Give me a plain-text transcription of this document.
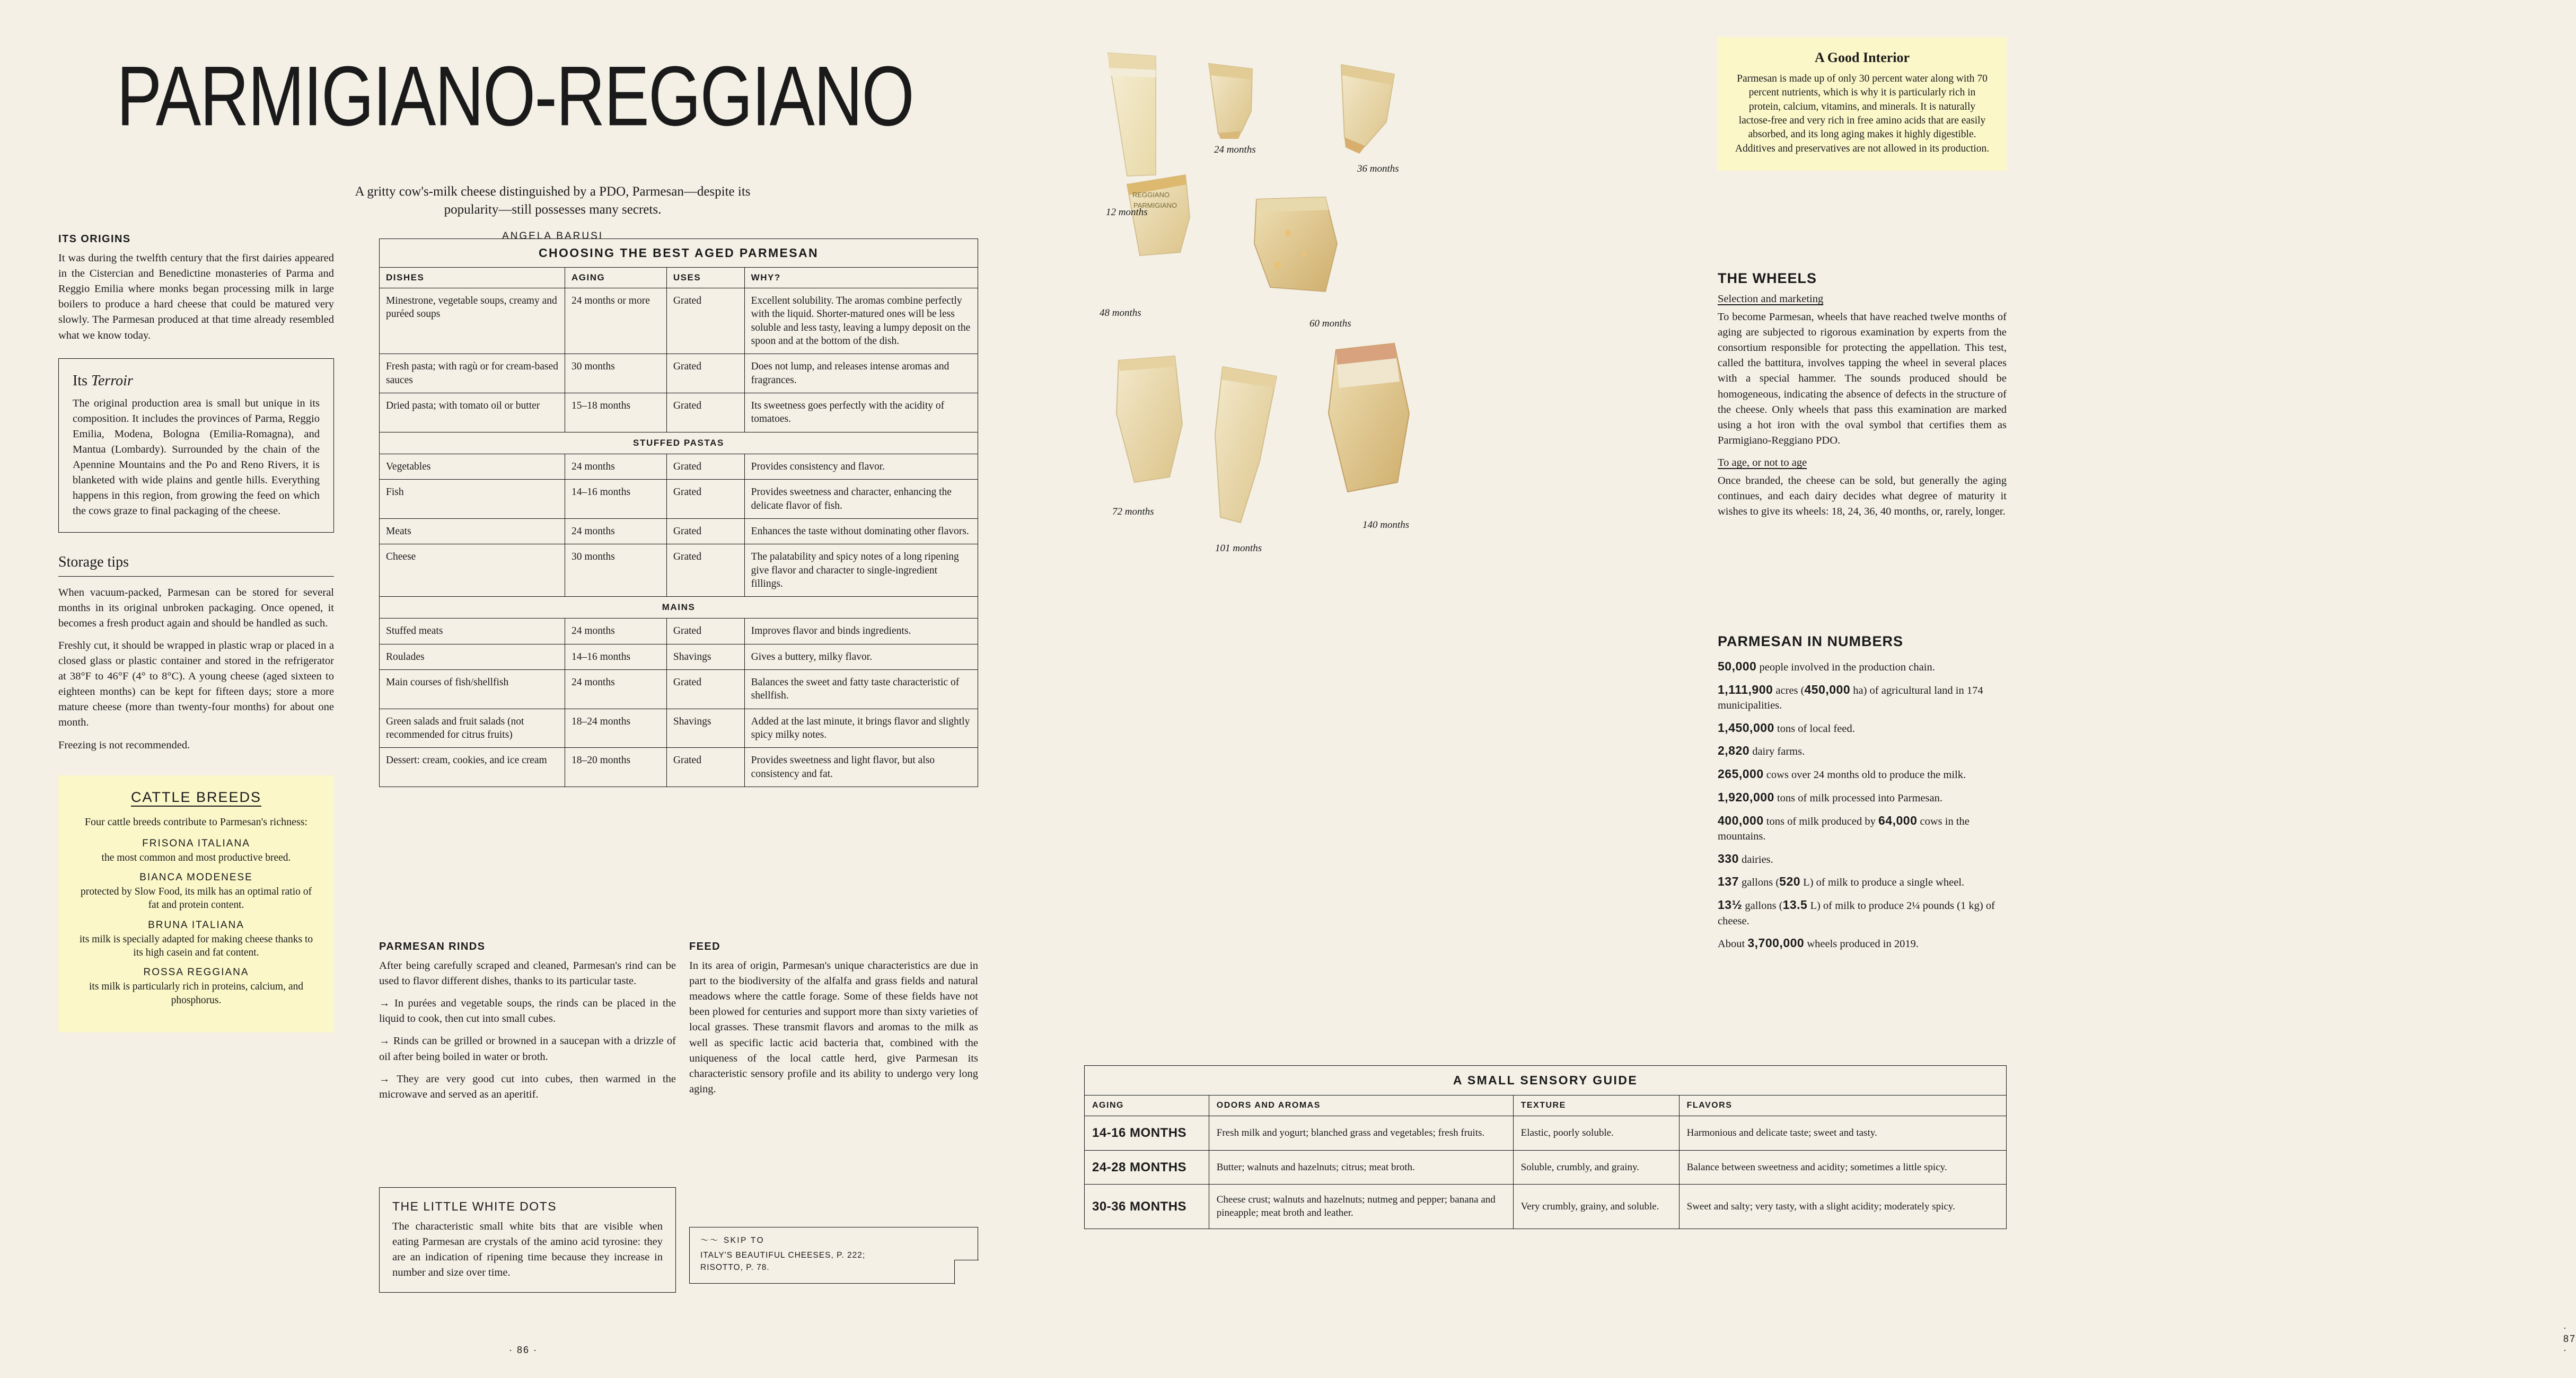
PARMIGIANO-REGGIANO
A gritty cow's-milk cheese distinguished by a PDO, Parmesan—despite its popularity—still possesses many secrets.
ANGELA BARUSI
ITS ORIGINS
It was during the twelfth century that the first dairies appeared in the Cistercian and Benedictine monasteries of Parma and Reggio Emilia where monks began processing milk in large boilers to produce a hard cheese that could be matured very slowly. The Parmesan produced at that time already resembled what we know today.
Its Terroir
The original production area is small but unique in its composition. It includes the provinces of Parma, Reggio Emilia, Modena, Bologna (Emilia-Romagna), and Mantua (Lombardy). Surrounded by the chain of the Apennine Mountains and the Po and Reno Rivers, it is blanketed with wide plains and gentle hills. Everything happens in this region, from growing the feed on which the cows graze to final packaging of the cheese.
Storage tips

When vacuum-packed, Parmesan can be stored for several months in its original unbroken packaging. Once opened, it becomes a fresh product again and should be handled as such.

Freshly cut, it should be wrapped in plastic wrap or placed in a closed glass or plastic container and stored in the refrigerator at 38°F to 46°F (4° to 8°C). A young cheese (aged sixteen to eighteen months) can be kept for fifteen days; store a more mature cheese (more than twenty-four months) for about one month.

Freezing is not recommended.

CATTLE BREEDS
Four cattle breeds contribute to Parmesan's richness:
FRISONA ITALIANA
the most common and most productive breed.
BIANCA MODENESE
protected by Slow Food, its milk has an optimal ratio of fat and protein content.
BRUNA ITALIANA
its milk is specially adapted for making cheese thanks to its high casein and fat content.
ROSSA REGGIANA
its milk is particularly rich in proteins, calcium, and phosphorus.
CHOOSING THE BEST AGED PARMESAN			
DISHES	AGING	USES	WHY?
Minestrone, vegetable soups, creamy and puréed soups	24 months or more	Grated	Excellent solubility. The aromas combine perfectly with the liquid. Shorter-matured ones will be less soluble and less tasty, leaving a lumpy deposit on the spoon and at the bottom of the dish.
Fresh pasta; with ragù or for cream-based sauces	30 months	Grated	Does not lump, and releases intense aromas and fragrances.
Dried pasta; with tomato oil or butter	15–18 months	Grated	Its sweetness goes perfectly with the acidity of tomatoes.
STUFFED PASTAS			
Vegetables	24 months	Grated	Provides consistency and flavor.
Fish	14–16 months	Grated	Provides sweetness and character, enhancing the delicate flavor of fish.
Meats	24 months	Grated	Enhances the taste without dominating other flavors.
Cheese	30 months	Grated	The palatability and spicy notes of a long ripening give flavor and character to single-ingredient fillings.
MAINS			
Stuffed meats	24 months	Grated	Improves flavor and binds ingredients.
Roulades	14–16 months	Shavings	Gives a buttery, milky flavor.
Main courses of fish/shellfish	24 months	Grated	Balances the sweet and fatty taste characteristic of shellfish.
Green salads and fruit salads (not recommended for citrus fruits)	18–24 months	Shavings	Added at the last minute, it brings flavor and slightly spicy milky notes.
Dessert: cream, cookies, and ice cream	18–20 months	Grated	Provides sweetness and light flavor, but also consistency and fat.
PARMESAN RINDS

After being carefully scraped and cleaned, Parmesan's rind can be used to flavor different dishes, thanks to its particular taste.

→ In purées and vegetable soups, the rinds can be placed in the liquid to cook, then cut into small cubes.

→ Rinds can be grilled or browned in a saucepan with a drizzle of oil after being boiled in water or broth.

→ They are very good cut into cubes, then warmed in the microwave and served as an aperitif.

FEED
In its area of origin, Parmesan's unique characteristics are due in part to the biodiversity of the alfalfa and grass fields and natural meadows where the cattle forage. Some of these fields have not been plowed for centuries and support more than sixty varieties of local grasses. These transmit flavors and aromas to the milk as well as specific lactic acid bacteria that, combined with the uniqueness of the local cattle herd, give Parmesan its characteristic sensory profile and its ability to undergo very long aging.
THE LITTLE WHITE DOTS
The characteristic small white bits that are visible when eating Parmesan are crystals of the amino acid tyrosine: they are an indication of ripening time because they increase in number and size over time.
〜〜 SKIP TO
ITALY'S BEAUTIFUL CHEESES, P. 222;
RISOTTO, P. 78.
· 86 ·
· 87 ·
REGGIANO
PARMIGIANO
12 months
24 months
36 months
48 months
60 months
72 months
101 months
140 months
A Good Interior
Parmesan is made up of only 30 percent water along with 70 percent nutrients, which is why it is particularly rich in protein, calcium, vitamins, and minerals. It is naturally lactose-free and very rich in free amino acids that are easily absorbed, and its long aging makes it highly digestible. Additives and preservatives are not allowed in its production.
THE WHEELS
Selection and marketing
To become Parmesan, wheels that have reached twelve months of aging are subjected to rigorous examination by experts from the consortium responsible for protecting the appellation. This test, called the battitura, involves tapping the wheel in several places with a special hammer. The sounds produced should be homogeneous, indicating the absence of defects in the structure of the cheese. Only wheels that pass this examination are marked using a hot iron with the oval symbol that certifies them as Parmigiano-Reggiano PDO.
To age, or not to age
Once branded, the cheese can be sold, but generally the aging continues, and each dairy decides what degree of maturity it wishes to give its wheels: 18, 24, 36, 40 months, or, rarely, longer.
PARMESAN IN NUMBERS
50,000 people involved in the production chain.
1,111,900 acres (450,000 ha) of agricultural land in 174 municipalities.
1,450,000 tons of local feed.
2,820 dairy farms.
265,000 cows over 24 months old to produce the milk.
1,920,000 tons of milk processed into Parmesan.
400,000 tons of milk produced by 64,000 cows in the mountains.
330 dairies.
137 gallons (520 L) of milk to produce a single wheel.
13½ gallons (13.5 L) of milk to produce 2¼ pounds (1 kg) of cheese.
About 3,700,000 wheels produced in 2019.
A SMALL SENSORY GUIDE			
AGING	ODORS AND AROMAS	TEXTURE	FLAVORS
14-16 MONTHS	Fresh milk and yogurt; blanched grass and vegetables; fresh fruits.	Elastic, poorly soluble.	Harmonious and delicate taste; sweet and tasty.
24-28 MONTHS	Butter; walnuts and hazelnuts; citrus; meat broth.	Soluble, crumbly, and grainy.	Balance between sweetness and acidity; sometimes a little spicy.
30-36 MONTHS	Cheese crust; walnuts and hazelnuts; nutmeg and pepper; banana and pineapple; meat broth and leather.	Very crumbly, grainy, and soluble.	Sweet and salty; very tasty, with a slight acidity; moderately spicy.
